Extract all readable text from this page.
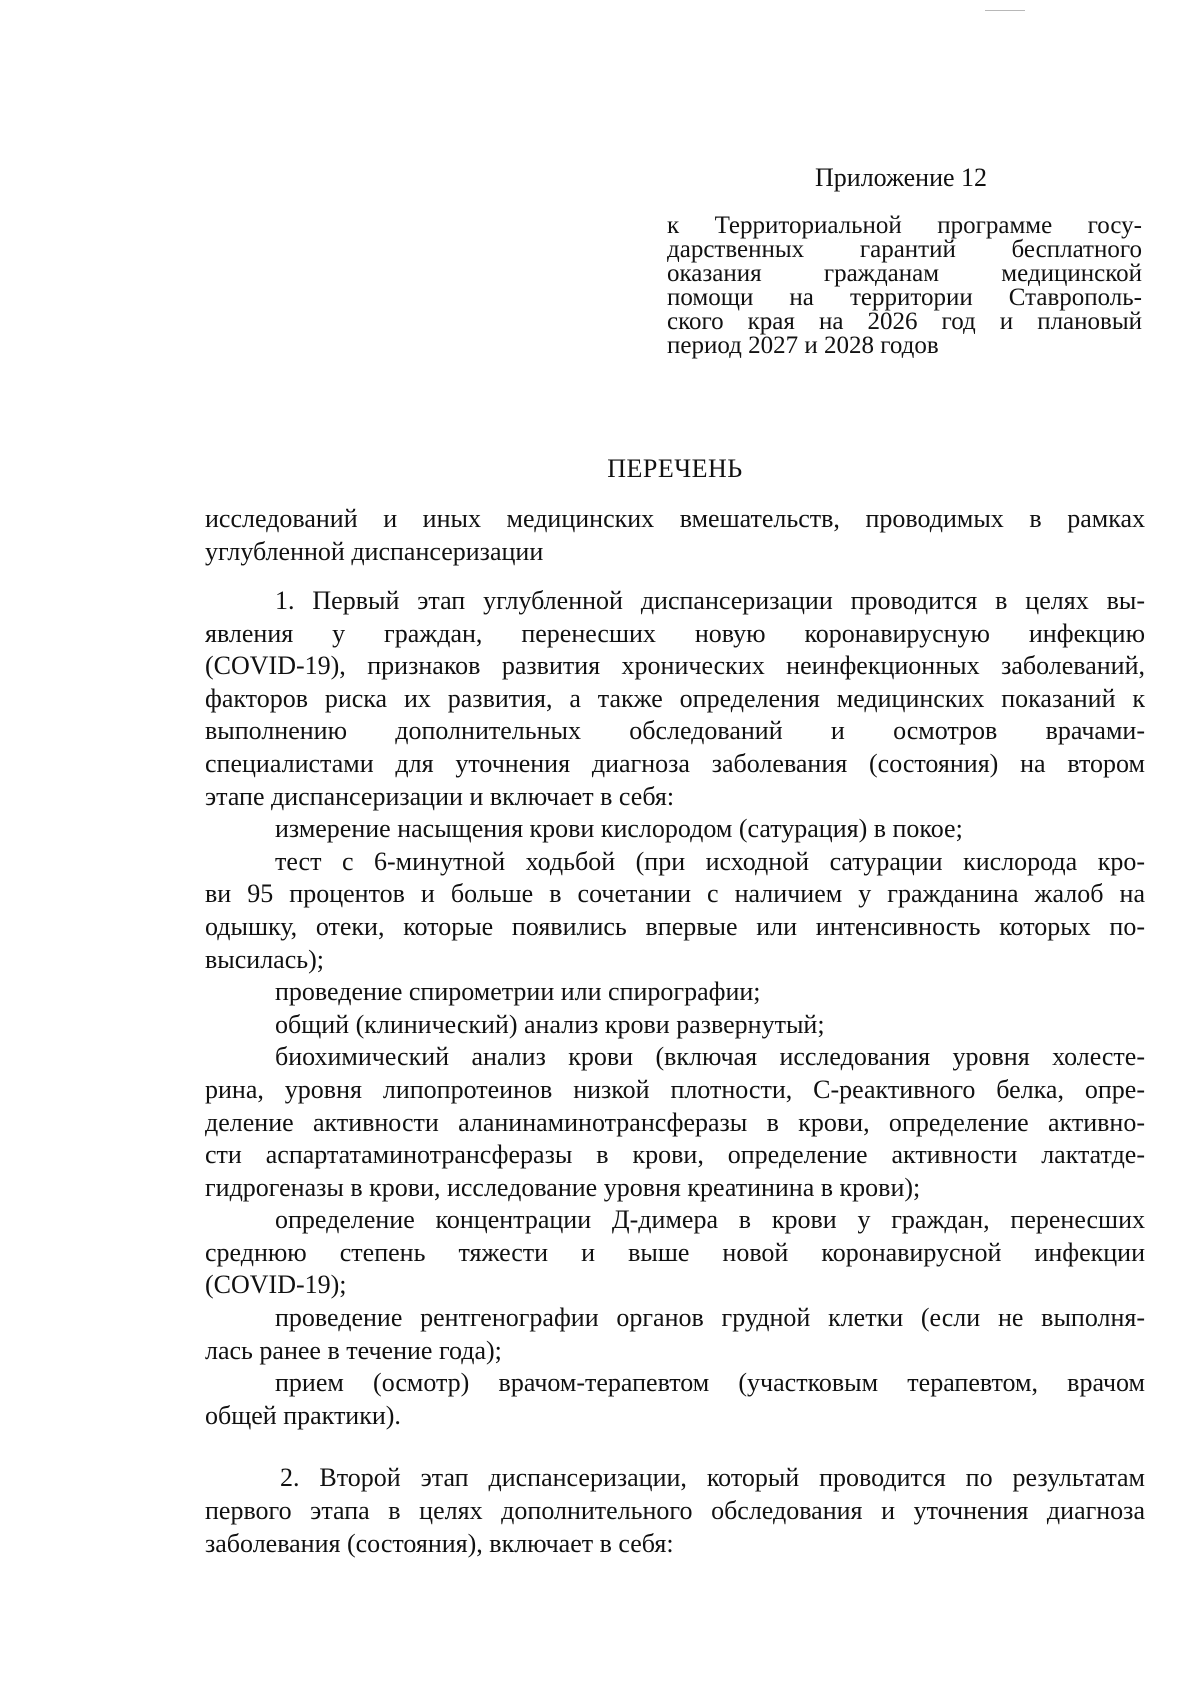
Приложение 12
к Территориальной программе госу-
дарственных гарантий бесплатного
оказания гражданам медицинской
помощи на территории Ставрополь-
ского края на 2026 год и плановый
период 2027 и 2028 годов
ПЕРЕЧЕНЬ
исследований и иных медицинских вмешательств, проводимых в рамках
углубленной диспансеризации
1. Первый этап углубленной диспансеризации проводится в целях вы-
явления у граждан, перенесших новую коронавирусную инфекцию
(COVID-19), признаков развития хронических неинфекционных заболеваний,
факторов риска их развития, а также определения медицинских показаний к
выполнению дополнительных обследований и осмотров врачами-
специалистами для уточнения диагноза заболевания (состояния) на втором
этапе диспансеризации и включает в себя:
измерение насыщения крови кислородом (сатурация) в покое;
тест с 6-минутной ходьбой (при исходной сатурации кислорода кро-
ви 95 процентов и больше в сочетании с наличием у гражданина жалоб на
одышку, отеки, которые появились впервые или интенсивность которых по-
высилась);
проведение спирометрии или спирографии;
общий (клинический) анализ крови развернутый;
биохимический анализ крови (включая исследования уровня холесте-
рина, уровня липопротеинов низкой плотности, С-реактивного белка, опре-
деление активности аланинаминотрансферазы в крови, определение активно-
сти аспартатаминотрансферазы в крови, определение активности лактатде-
гидрогеназы в крови, исследование уровня креатинина в крови);
определение концентрации Д-димера в крови у граждан, перенесших
среднюю степень тяжести и выше новой коронавирусной инфекции
(COVID-19);
проведение рентгенографии органов грудной клетки (если не выполня-
лась ранее в течение года);
прием (осмотр) врачом-терапевтом (участковым терапевтом, врачом
общей практики).
2. Второй этап диспансеризации, который проводится по результатам
первого этапа в целях дополнительного обследования и уточнения диагноза
заболевания (состояния), включает в себя:
